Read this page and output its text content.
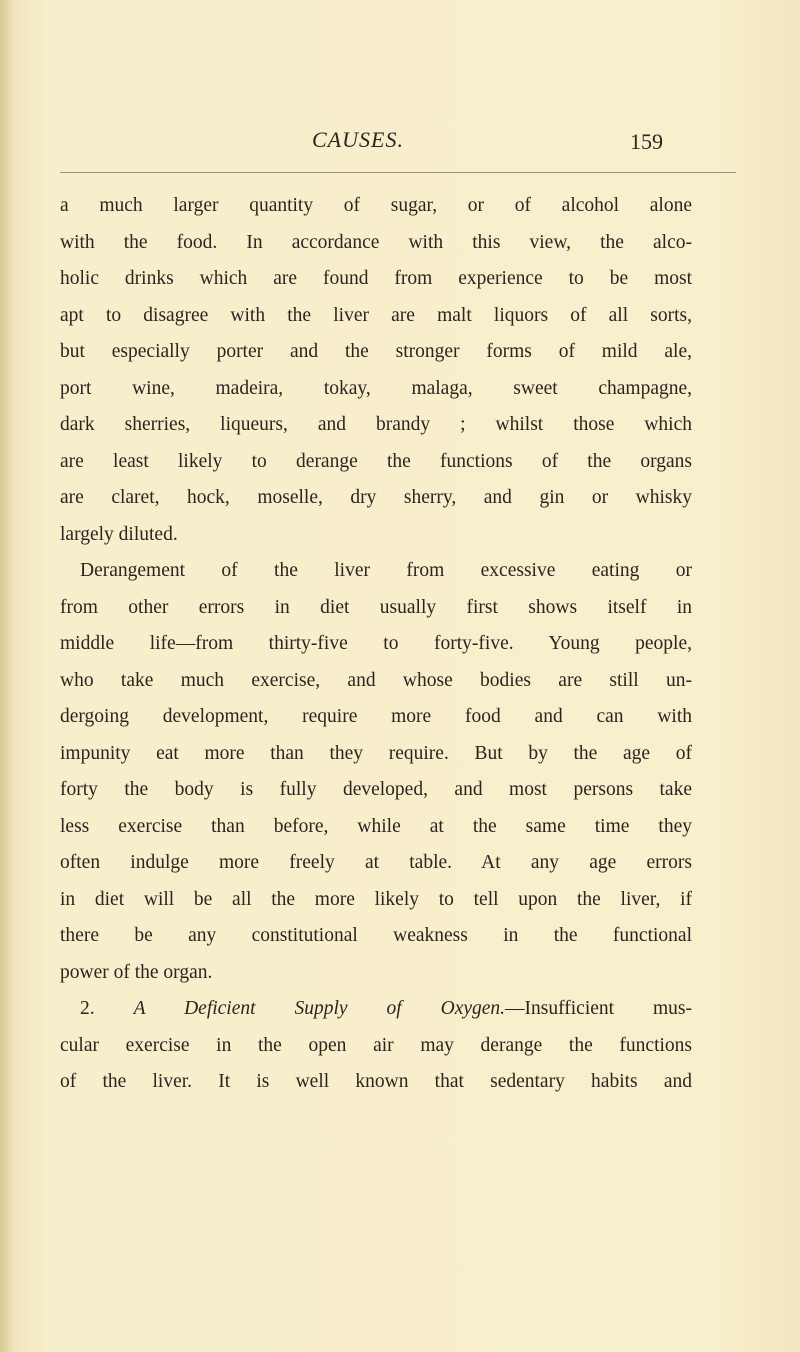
CAUSES.	159
a much larger quantity of sugar, or of alcohol alone
with the food. In accordance with this view, the alco-
holic drinks which are found from experience to be most
apt to disagree with the liver are malt liquors of all sorts,
but especially porter and the stronger forms of mild ale,
port wine, madeira, tokay, malaga, sweet champagne,
dark sherries, liqueurs, and brandy ; whilst those which
are least likely to derange the functions of the organs
are claret, hock, moselle, dry sherry, and gin or whisky
largely diluted.
Derangement of the liver from excessive eating or
from other errors in diet usually first shows itself in
middle life—from thirty-five to forty-five. Young people,
who take much exercise, and whose bodies are still un-
dergoing development, require more food and can with
impunity eat more than they require. But by the age of
forty the body is fully developed, and most persons take
less exercise than before, while at the same time they
often indulge more freely at table. At any age errors
in diet will be all the more likely to tell upon the liver, if
there be any constitutional weakness in the functional
power of the organ.
2. A Deficient Supply of Oxygen.—Insufficient mus-
cular exercise in the open air may derange the functions
of the liver. It is well known that sedentary habits and
